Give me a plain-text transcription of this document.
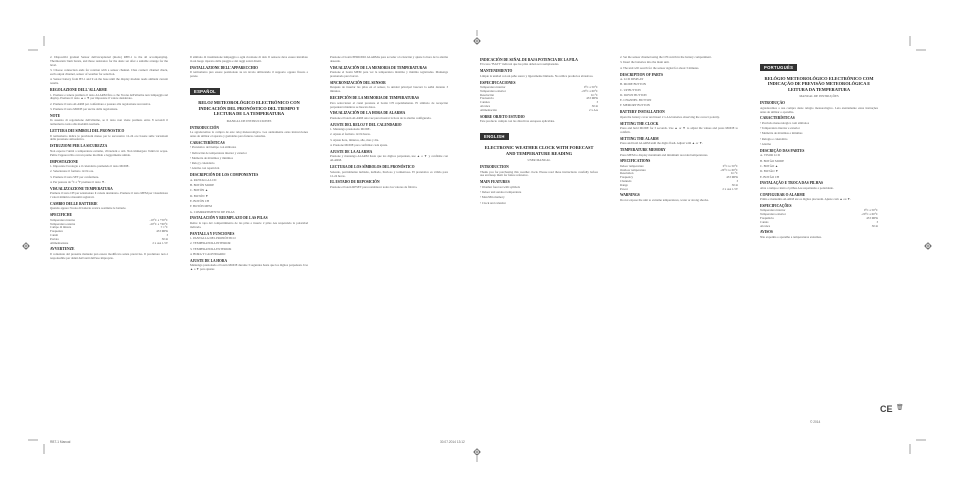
2. Dispositivi gradual Sensor dell'exceptional (modo) RBT-1 to the all accompanying. Thermostatic hum bursts, and those resistance for the desk: set after a suitable arrange for the level.

3. Choose connection ends for rotation with a sensor channel. Chas connect channel check, each output channel, sensor of weather for selection.

4. Sensor battery from BT-1 and 9 on the base until the display module reads ambient current results.

REGOLAZIONE DELL'ALLARME

1. Premere e tenere premuto il tasto ALARM fino a che l'icona dell'allarme non lampeggia sul display. Premere il tasto ▲ o ▼ per impostare il valore desiderato.

2. Premere il tasto ALARM per confermare e passare alla regolazione successiva.

3. Premere il tasto MODE per uscire dalla regolazione.

NOTE

In assenza di regolazione dell'allarme, se il tasto non viene premuto entro 8 secondi il termometro torna alla modalità normale.

LETTURA DEI SIMBOLI DEL PRONOSTICO

Il termometro indica le previsioni meteo per le successive 12-24 ore basate sulle variazioni della pressione atmosferica.

ISTRUZIONI PER LA SICUREZZA

Non esporre l'unità a temperature estreme, vibrazioni o urti. Non immergere l'unità in acqua. Pulire l'apparecchio con un panno morbido e leggermente umido.

IMPOSTAZIONE

1. Impostare l'orologio e il calendario premendo il tasto MODE.

2. Selezionare il formato 12/24 ore.

3. Premere il tasto SET per confermare.

4. Per passare da °C a °F premere il tasto ▼.

VISUALIZZAZIONE TEMPERATURA

Premere il tasto CH per selezionare il canale desiderato. Premere il tasto MEM per visualizzare i valori minimi e massimi registrati.

CAMBIO DELLE BATTERIE

Quando appare l'icona di batteria scarica sostituire le batterie.

SPECIFICHE
Temperatura interna	-10°C a +50°C
Temperatura esterna	-20°C a +60°C
Campo di misura	± 1°C
Frequenza	433 MHz
Canali	3
Portata	30 m
Alimentazione	2 x AA 1.5V
AVVERTENZE

Il contenuto del presente manuale può essere modificato senza preavviso. Il produttore non è responsabile per danni derivanti dall'uso improprio.

Il simbolo di trasmissione lampeggia a ogni ricezione di dati. Il sensore deve essere installato in un luogo riparato dalla pioggia e dai raggi solari diretti.

INSTALLAZIONE DELL'APPARECCHIO

Il termometro può essere posizionato su un tavolo utilizzando il supporto oppure fissato a parete.

ESPAÑOL
RELOJ METEOROLÓGICO ELECTRÓNICO CON INDICACIÓN DEL PRONÓSTICO DEL TIEMPO Y LECTURA DE LA TEMPERATURA
MANUAL DE INSTRUCCIONES
INTRODUCCIÓN

Le agradecemos la compra de este reloj meteorológico. Lea atentamente estas instrucciones antes de utilizar el aparato y guárdelas para futuras consultas.

CARACTERÍSTICAS

• Pronóstico del tiempo con símbolos

• Indicación de temperatura interior y exterior

• Memoria de máximos y mínimos

• Reloj y calendario

• Alarma con repetición

DESCRIPCIÓN DE LOS COMPONENTES

A. PANTALLA LCD

B. BOTÓN MODE

C. BOTÓN ▲

D. BOTÓN ▼

E. BOTÓN CH

F. BOTÓN MEM

G. COMPARTIMENTO DE PILAS

INSTALACIÓN Y REEMPLAZO DE LAS PILAS

Retire la tapa del compartimiento de las pilas e inserte 2 pilas AA respetando la polaridad indicada.

PANTALLA Y FUNCIONES

1. PANTALLA DEL PRONÓSTICO

2. TEMPERATURA INTERIOR

3. TEMPERATURA EXTERIOR

4. HORA Y CALENDARIO

AJUSTE DE LA HORA

Mantenga presionado el botón MODE durante 3 segundos hasta que los dígitos parpadeen. Use ▲ o ▼ para ajustar.

Presione el botón PERIODO ALARMA para acceder a la función y ajuste la hora de la alarma deseada.

VISUALIZACIÓN DE LA MEMORIA DE TEMPERATURAS

Presione el botón MEM para ver la temperatura máxima y mínima registradas. Mantenga presionado para borrar.

SINCRONIZACIÓN DEL SENSOR

Después de insertar las pilas en el sensor, la unidad principal buscará la señal durante 3 minutos.

RECEPCIÓN DE LA MEMORIA DE TEMPERATURAS

Para seleccionar el canal presione el botón CH repetidamente. El símbolo de recepción parpadeará mientras se buscan datos.

VISUALIZACIÓN DE LA HORA DE ALARMA

Presione el botón ALARM una vez para mostrar la hora de la alarma configurada.

AJUSTE DEL RELOJ Y DEL CALENDARIO

1. Mantenga presionado MODE.

2. Ajuste el formato 12/24 horas.

3. Ajuste hora, minutos, año, mes y día.

4. Presione MODE para confirmar cada ajuste.

AJUSTE DE LA ALARMA

Presione y mantenga ALARM hasta que los dígitos parpadeen, use ▲ o ▼ y confirme con ALARM.

LECTURA DE LOS SÍMBOLOS DEL PRONÓSTICO

Soleado, parcialmente nublado, nublado, lluvioso y tormentoso. El pronóstico es válido para 12-24 horas.

EL ESTADO DE REPOSICIÓN

Presione el botón RESET para restablecer todos los valores de fábrica.

INDICACIÓN DE SEÑAL DE BAJA POTENCIA DE LA PILA

El icono "BATT" indicará que las pilas deben ser reemplazadas.

MANTENIMIENTO

Limpie la unidad con un paño suave y ligeramente húmedo. No utilice productos abrasivos.

ESPECIFICACIONES
Temperatura interior	0°C a 50°C
Temperatura exterior	-20°C a 60°C
Resolución	0.1°C
Frecuencia	433 MHz
Canales	3
Alcance	30 m
Alimentación	2 x AA
SOBRE OBJETO ESTUDIO

Este producto cumple con las directivas europeas aplicables.

ENGLISH
ELECTRONIC WEATHER CLOCK WITH FORECAST AND TEMPERATURE READING
USER MANUAL
INTRODUCTION

Thank you for purchasing this weather clock. Please read these instructions carefully before use and keep them for future reference.

MAIN FEATURES

• Weather forecast with symbols

• Indoor and outdoor temperature

• Max/Min memory

• Clock and calendar

2. Set the sensor channel using the CH switch in the battery compartment.

3. Insert the batteries into the main unit.

4. The unit will search for the sensor signal for about 3 minutes.

DESCRIPTION OF PARTS

A. LCD DISPLAY

B. MODE BUTTON

C. UP BUTTON

D. DOWN BUTTON

E. CHANNEL BUTTON

F. MEMORY BUTTON

BATTERY INSTALLATION

Open the battery cover and insert 2 x AA batteries observing the correct polarity.

SETTING THE CLOCK

Press and hold MODE for 3 seconds. Use ▲ or ▼ to adjust the values and press MODE to confirm.

SETTING THE ALARM

Press and hold ALARM until the digits flash. Adjust with ▲ or ▼.

TEMPERATURE MEMORY

Press MEM to display maximum and minimum recorded temperatures.

SPECIFICATIONS
Indoor temperature	0°C to 50°C
Outdoor temperature	-20°C to 60°C
Resolution	0.1°C
Frequency	433 MHz
Channels	3
Range	30 m
Power	2 x AA 1.5V
WARNINGS

Do not expose the unit to extreme temperatures, water or strong shocks.

PORTUGUÊS
RELÓGIO METEOROLÓGICO ELECTRÓNICO COM INDICAÇÃO DE PREVISÃO METEOROLÓGICA E LEITURA DA TEMPERATURA
MANUAL DE INSTRUÇÕES
INTRODUÇÃO

Agradecemos a sua compra deste relógio meteorológico. Leia atentamente estas instruções antes de utilizar o aparelho.

CARACTERÍSTICAS

• Previsão meteorológica com símbolos

• Temperatura interior e exterior

• Memória de máximas e mínimas

• Relógio e calendário

• Alarme

DESCRIÇÃO DAS PARTES

A. VISOR LCD

B. BOTÃO MODE

C. BOTÃO ▲

D. BOTÃO ▼

E. BOTÃO CH

INSTALAÇÃO E TROCA DAS PILHAS

Abra a tampa e insira 2 pilhas AA respeitando a polaridade.

CONFIGURAR O ALARME

Prima e mantenha ALARM até os dígitos piscarem. Ajuste com ▲ ou ▼.

ESPECIFICAÇÕES
Temperatura interior	0°C a 50°C
Temperatura exterior	-20°C a 60°C
Frequência	433 MHz
Canais	3
Alcance	30 m
AVISOS

Não exponha o aparelho a temperaturas extremas.

RBT-1 Manual	30.07.2014 13:12
© 2014
CE 🗑
